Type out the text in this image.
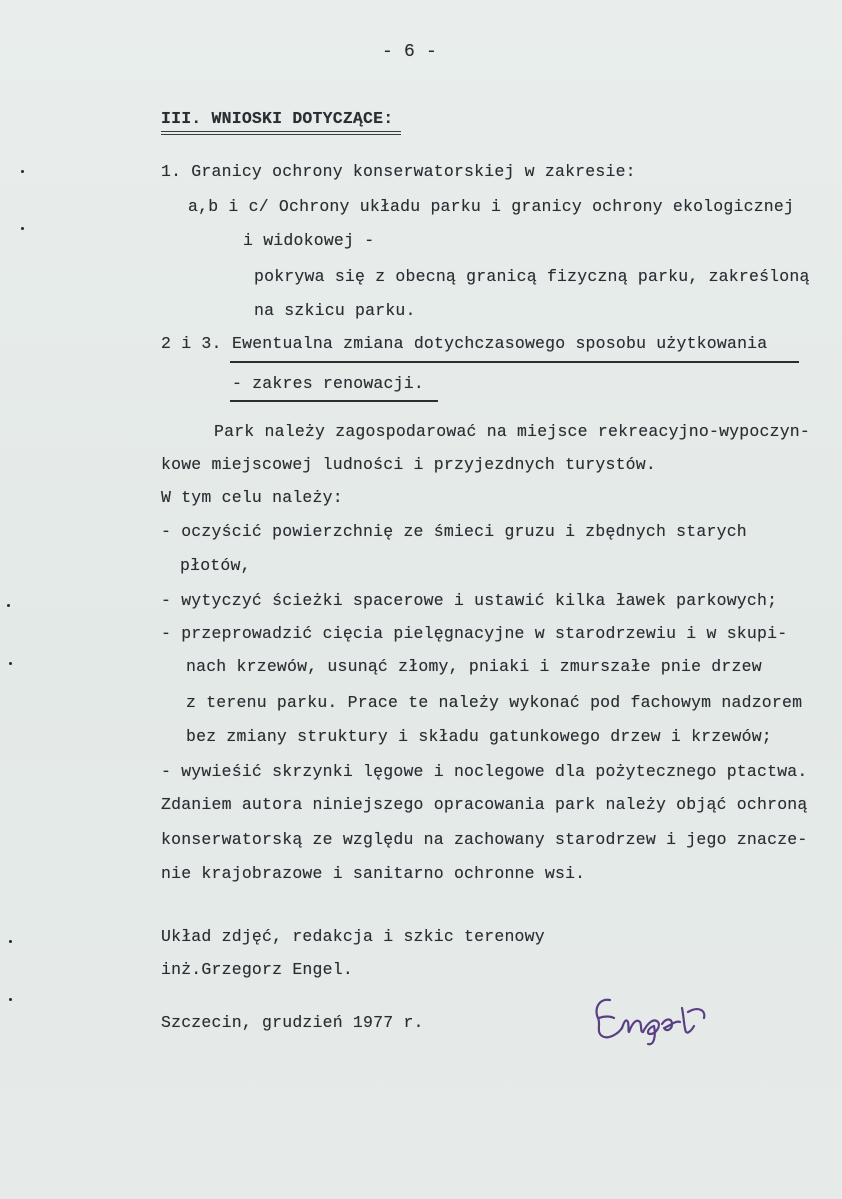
- 6 -
III. WNIOSKI DOTYCZĄCE:
1. Granicy ochrony konserwatorskiej w zakresie:
a,b i c/ Ochrony układu parku i granicy ochrony ekologicznej
i widokowej -
pokrywa się z obecną granicą fizyczną parku, zakreśloną
na szkicu parku.
2 i 3. Ewentualna zmiana dotychczasowego sposobu użytkowania
- zakres renowacji.
Park należy zagospodarować na miejsce rekreacyjno-wypoczyn-
kowe miejscowej ludności i przyjezdnych turystów.
W tym celu należy:
- oczyścić powierzchnię ze śmieci gruzu i zbędnych starych
płotów,
- wytyczyć ścieżki spacerowe i ustawić kilka ławek parkowych;
- przeprowadzić cięcia pielęgnacyjne w starodrzewiu i w skupi-
nach krzewów, usunąć złomy, pniaki i zmurszałe pnie drzew
z terenu parku. Prace te należy wykonać pod fachowym nadzorem
bez zmiany struktury i składu gatunkowego drzew i krzewów;
- wywieśić skrzynki lęgowe i noclegowe dla pożytecznego ptactwa.
Zdaniem autora niniejszego opracowania park należy objąć ochroną
konserwatorską ze względu na zachowany starodrzew i jego znacze-
nie krajobrazowe i sanitarno ochronne wsi.
Układ zdjęć, redakcja i szkic terenowy
inż.Grzegorz Engel.
Szczecin, grudzień 1977 r.
